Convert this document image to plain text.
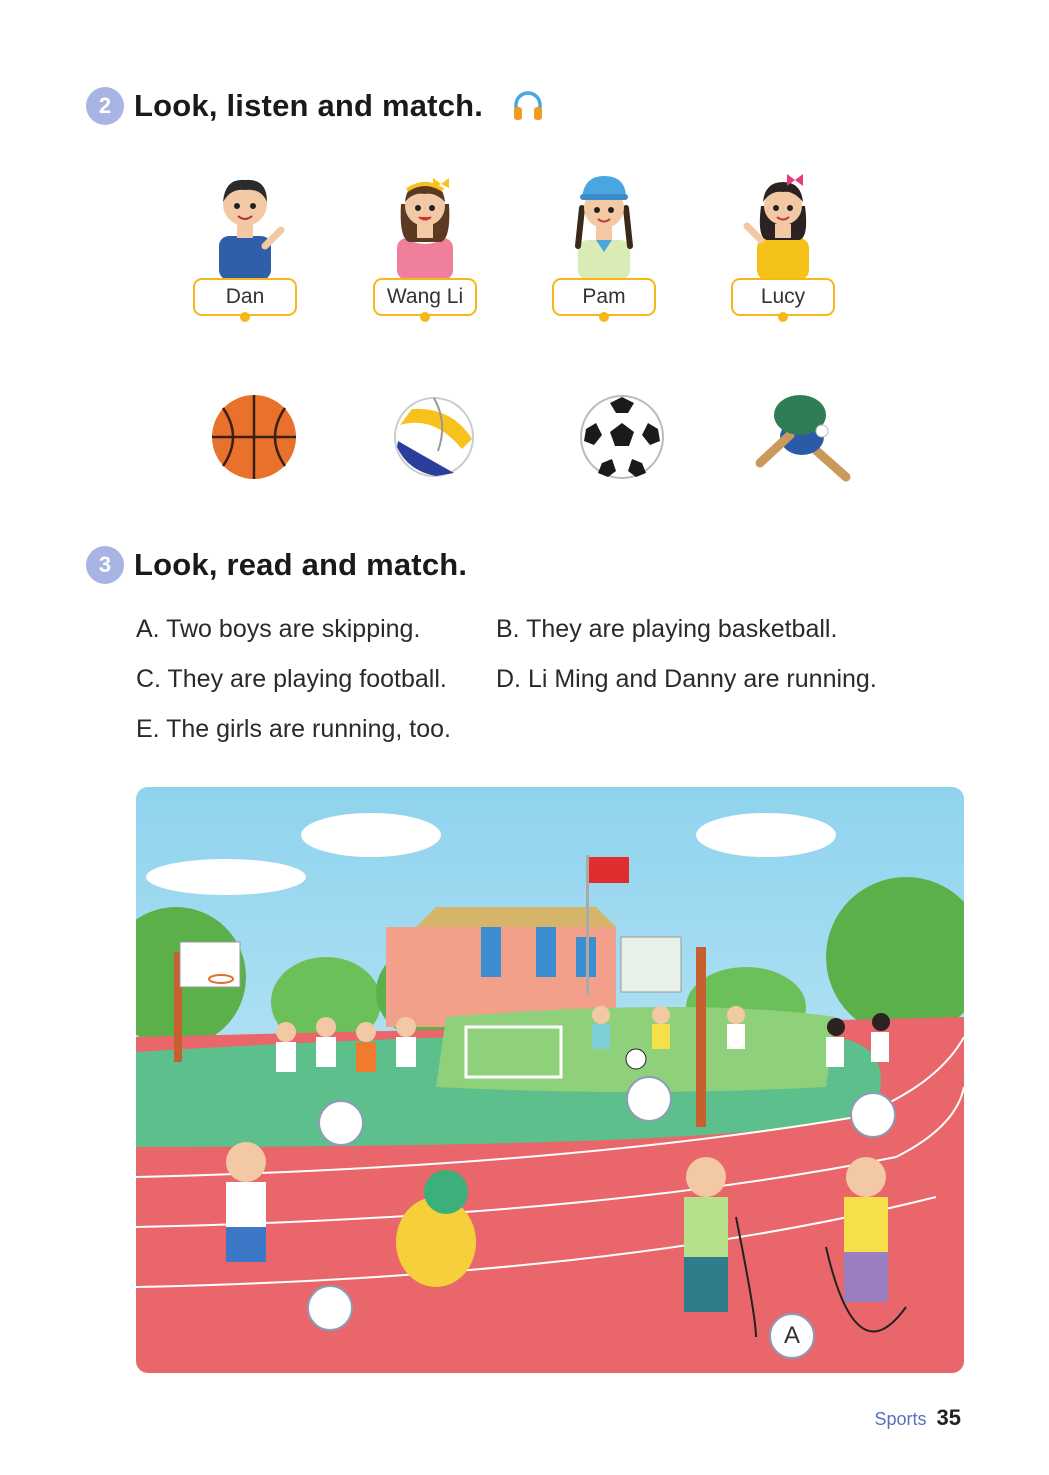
2 Look, listen and match.
Dan	Wang Li	Pam	Lucy
3 Look, read and match.
A. Two boys are skipping.	B. They are playing basketball.
C. They are playing football. D. Li Ming and Danny are running.
E. The girls are running, too.
A
Sports 35
